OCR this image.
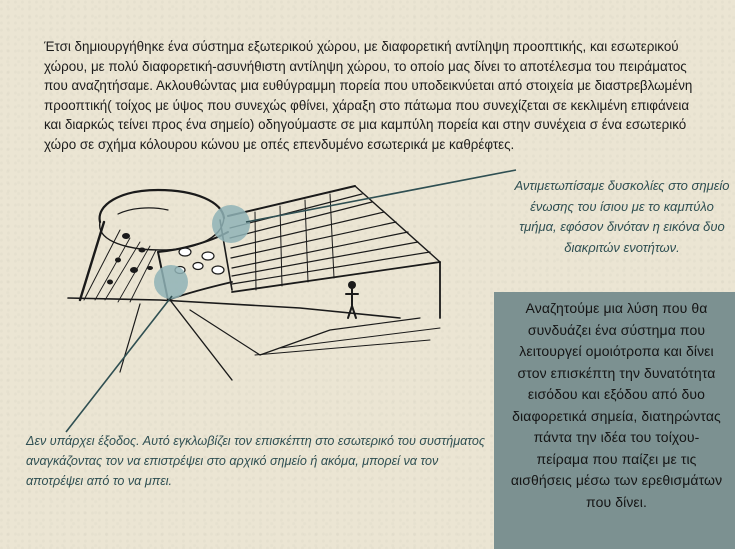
Έτσι δημιουργήθηκε ένα σύστημα εξωτερικού χώρου, με διαφορετική αντίληψη προοπτικής, και εσωτερικού χώρου, με πολύ διαφορετική-ασυνήθιστη αντίληψη χώρου, το οποίο μας δίνει το αποτέλεσμα του πειράματος που αναζητήσαμε. Ακλουθώντας μια ευθύγραμμη πορεία που υποδεικνύεται από στοιχεία με διαστρεβλωμένη προοπτική( τοίχος με ύψος που συνεχώς φθίνει, χάραξη στο πάτωμα που συνεχίζεται σε κεκλιμένη επιφάνεια και διαρκώς τείνει προς ένα σημείο) οδηγούμαστε σε μια καμπύλη πορεία και στην συνέχεια σ ένα εσωτερικό χώρο σε σχήμα κόλουρου κώνου με οπές επενδυμένο εσωτερικά με καθρέφτες.

Αντιμετωπίσαμε δυσκολίες στο σημείο ένωσης του ίσιου με το καμπύλο τμήμα, εφόσον δινόταν η εικόνα δυο διακριτών ενοτήτων.
Δεν υπάρχει έξοδος. Αυτό εγκλωβίζει τον επισκέπτη στο εσωτερικό του συστήματος αναγκάζοντας τον να επιστρέψει στο αρχικό σημείο ή ακόμα, μπορεί να τον αποτρέψει από το να μπει.

Αναζητούμε μια λύση που θα συνδυάζει ένα σύστημα που λειτουργεί ομοιότροπα και δίνει στον επισκέπτη την δυνατότητα εισόδου και εξόδου από δυο διαφορετικά σημεία, διατηρώντας πάντα την ιδέα του τοίχου-πείραμα που παίζει με τις αισθήσεις μέσω των ερεθισμάτων που δίνει.
